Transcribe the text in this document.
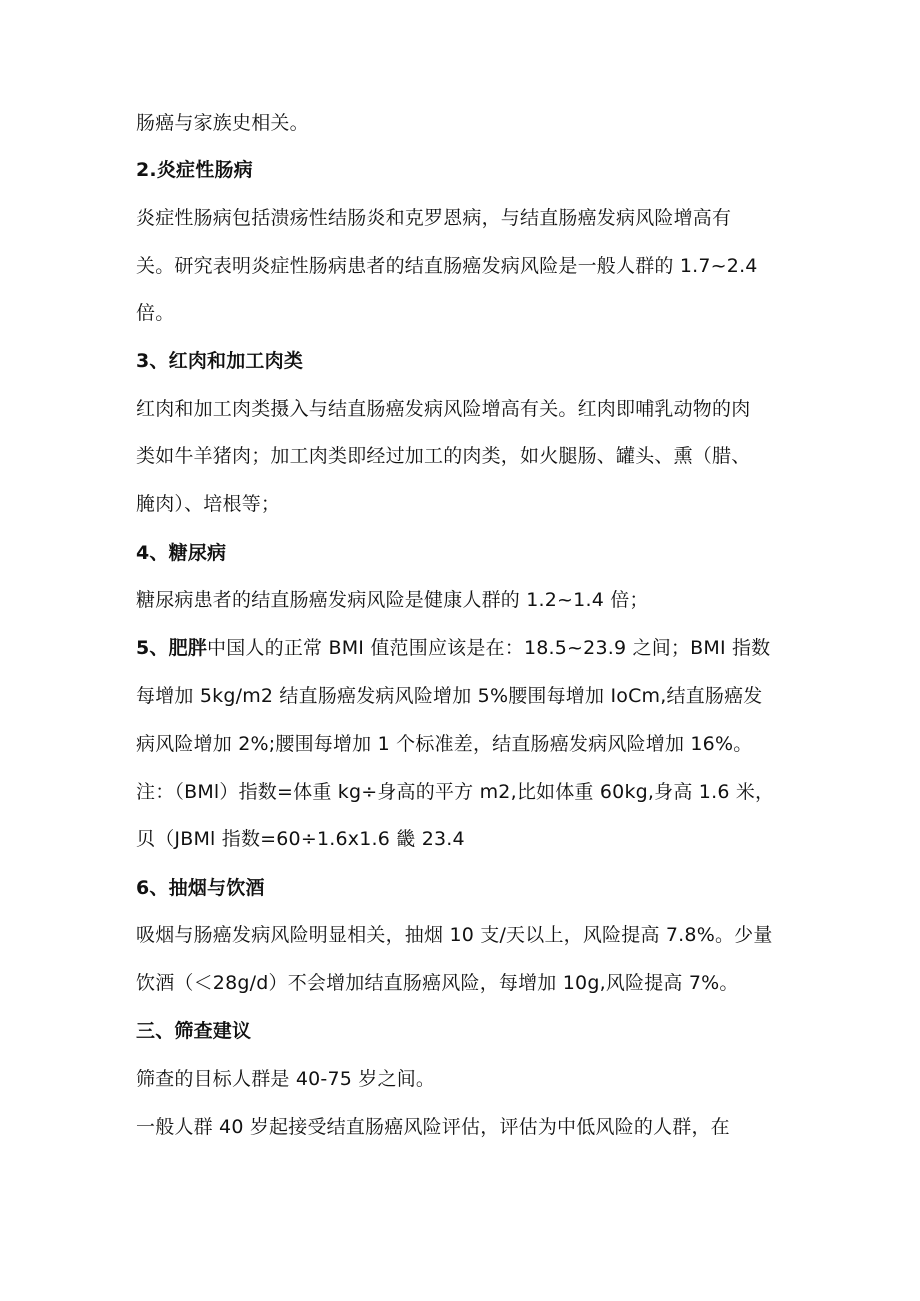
肠癌与家族史相关。
2.炎症性肠病
炎症性肠病包括溃疡性结肠炎和克罗恩病，与结直肠癌发病风险增高有
关。研究表明炎症性肠病患者的结直肠癌发病风险是一般人群的 1.7~2.4
倍。
3、红肉和加工肉类
红肉和加工肉类摄入与结直肠癌发病风险增高有关。红肉即哺乳动物的肉
类如牛羊猪肉；加工肉类即经过加工的肉类，如火腿肠、罐头、熏（腊、
腌肉）、培根等；
4、糖尿病
糖尿病患者的结直肠癌发病风险是健康人群的 1.2~1.4 倍；
5、肥胖中国人的正常 BMI 值范围应该是在：18.5~23.9 之间；BMI 指数
每增加 5kg/m2 结直肠癌发病风险增加 5%腰围每增加 IoCm,结直肠癌发
病风险增加 2%;腰围每增加 1 个标准差，结直肠癌发病风险增加 16%。
注：（BMl）指数=体重 kg÷身高的平方 m2,比如体重 60kg,身高 1.6 米，
贝（JBMl 指数=60÷1.6x1.6 畿 23.4
6、抽烟与饮酒
吸烟与肠癌发病风险明显相关，抽烟 10 支/天以上，风险提高 7.8%。少量
饮酒（＜28g/d）不会增加结直肠癌风险，每增加 10g,风险提高 7%。
三、筛查建议
筛查的目标人群是 40-75 岁之间。
一般人群 40 岁起接受结直肠癌风险评估，评估为中低风险的人群，在
